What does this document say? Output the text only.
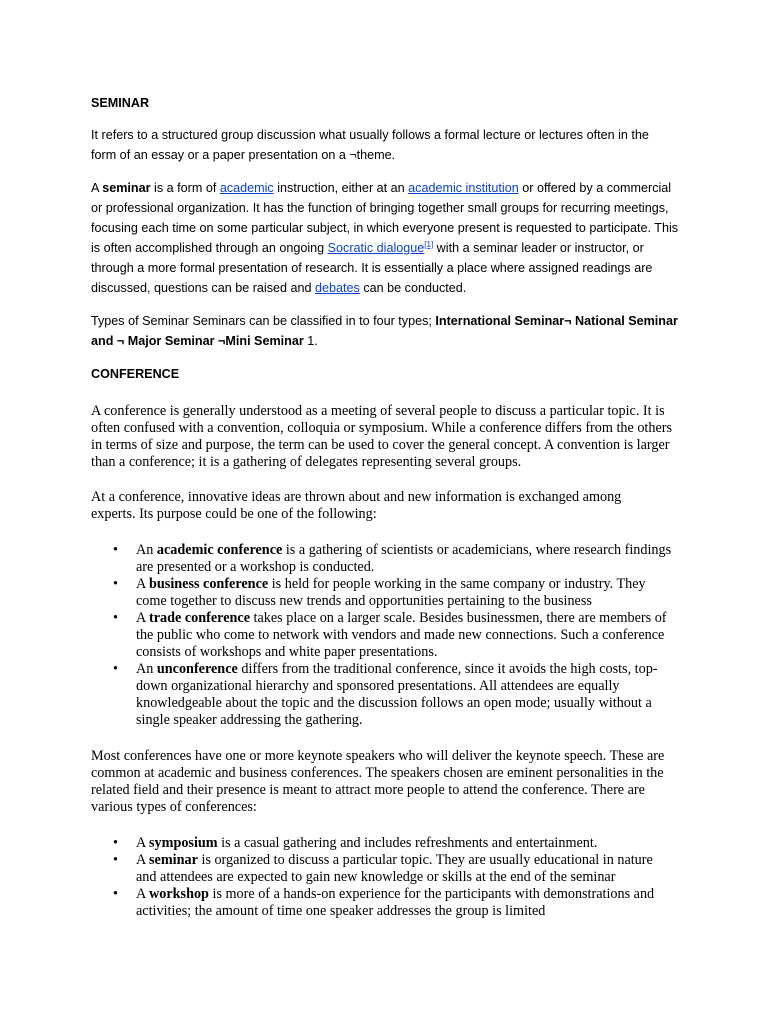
SEMINAR

It refers to a structured group discussion what usually follows a formal lecture or lectures often in the form of an essay or a paper presentation on a ¬theme.

A seminar is a form of academic instruction, either at an academic institution or offered by a commercial or professional organization. It has the function of bringing together small groups for recurring meetings, focusing each time on some particular subject, in which everyone present is requested to participate. This is often accomplished through an ongoing Socratic dialogue[1] with a seminar leader or instructor, or through a more formal presentation of research. It is essentially a place where assigned readings are discussed, questions can be raised and debates can be conducted.

Types of Seminar Seminars can be classified in to four types; International Seminar¬ National Seminar and ¬ Major Seminar ¬Mini Seminar 1.

CONFERENCE

A conference is generally understood as a meeting of several people to discuss a particular topic. It is often confused with a convention, colloquia or symposium. While a conference differs from the others in terms of size and purpose, the term can be used to cover the general concept. A convention is larger than a conference; it is a gathering of delegates representing several groups.

At a conference, innovative ideas are thrown about and new information is exchanged among experts. Its purpose could be one of the following:

• An academic conference is a gathering of scientists or academicians, where research findings are presented or a workshop is conducted.
• A business conference is held for people working in the same company or industry. They come together to discuss new trends and opportunities pertaining to the business
• A trade conference takes place on a larger scale. Besides businessmen, there are members of the public who come to network with vendors and made new connections. Such a conference consists of workshops and white paper presentations.
• An unconference differs from the traditional conference, since it avoids the high costs, top-down organizational hierarchy and sponsored presentations. All attendees are equally knowledgeable about the topic and the discussion follows an open mode; usually without a single speaker addressing the gathering.

Most conferences have one or more keynote speakers who will deliver the keynote speech. These are common at academic and business conferences. The speakers chosen are eminent personalities in the related field and their presence is meant to attract more people to attend the conference. There are various types of conferences:

• A symposium is a casual gathering and includes refreshments and entertainment.
• A seminar is organized to discuss a particular topic. They are usually educational in nature and attendees are expected to gain new knowledge or skills at the end of the seminar
• A workshop is more of a hands-on experience for the participants with demonstrations and activities; the amount of time one speaker addresses the group is limited
